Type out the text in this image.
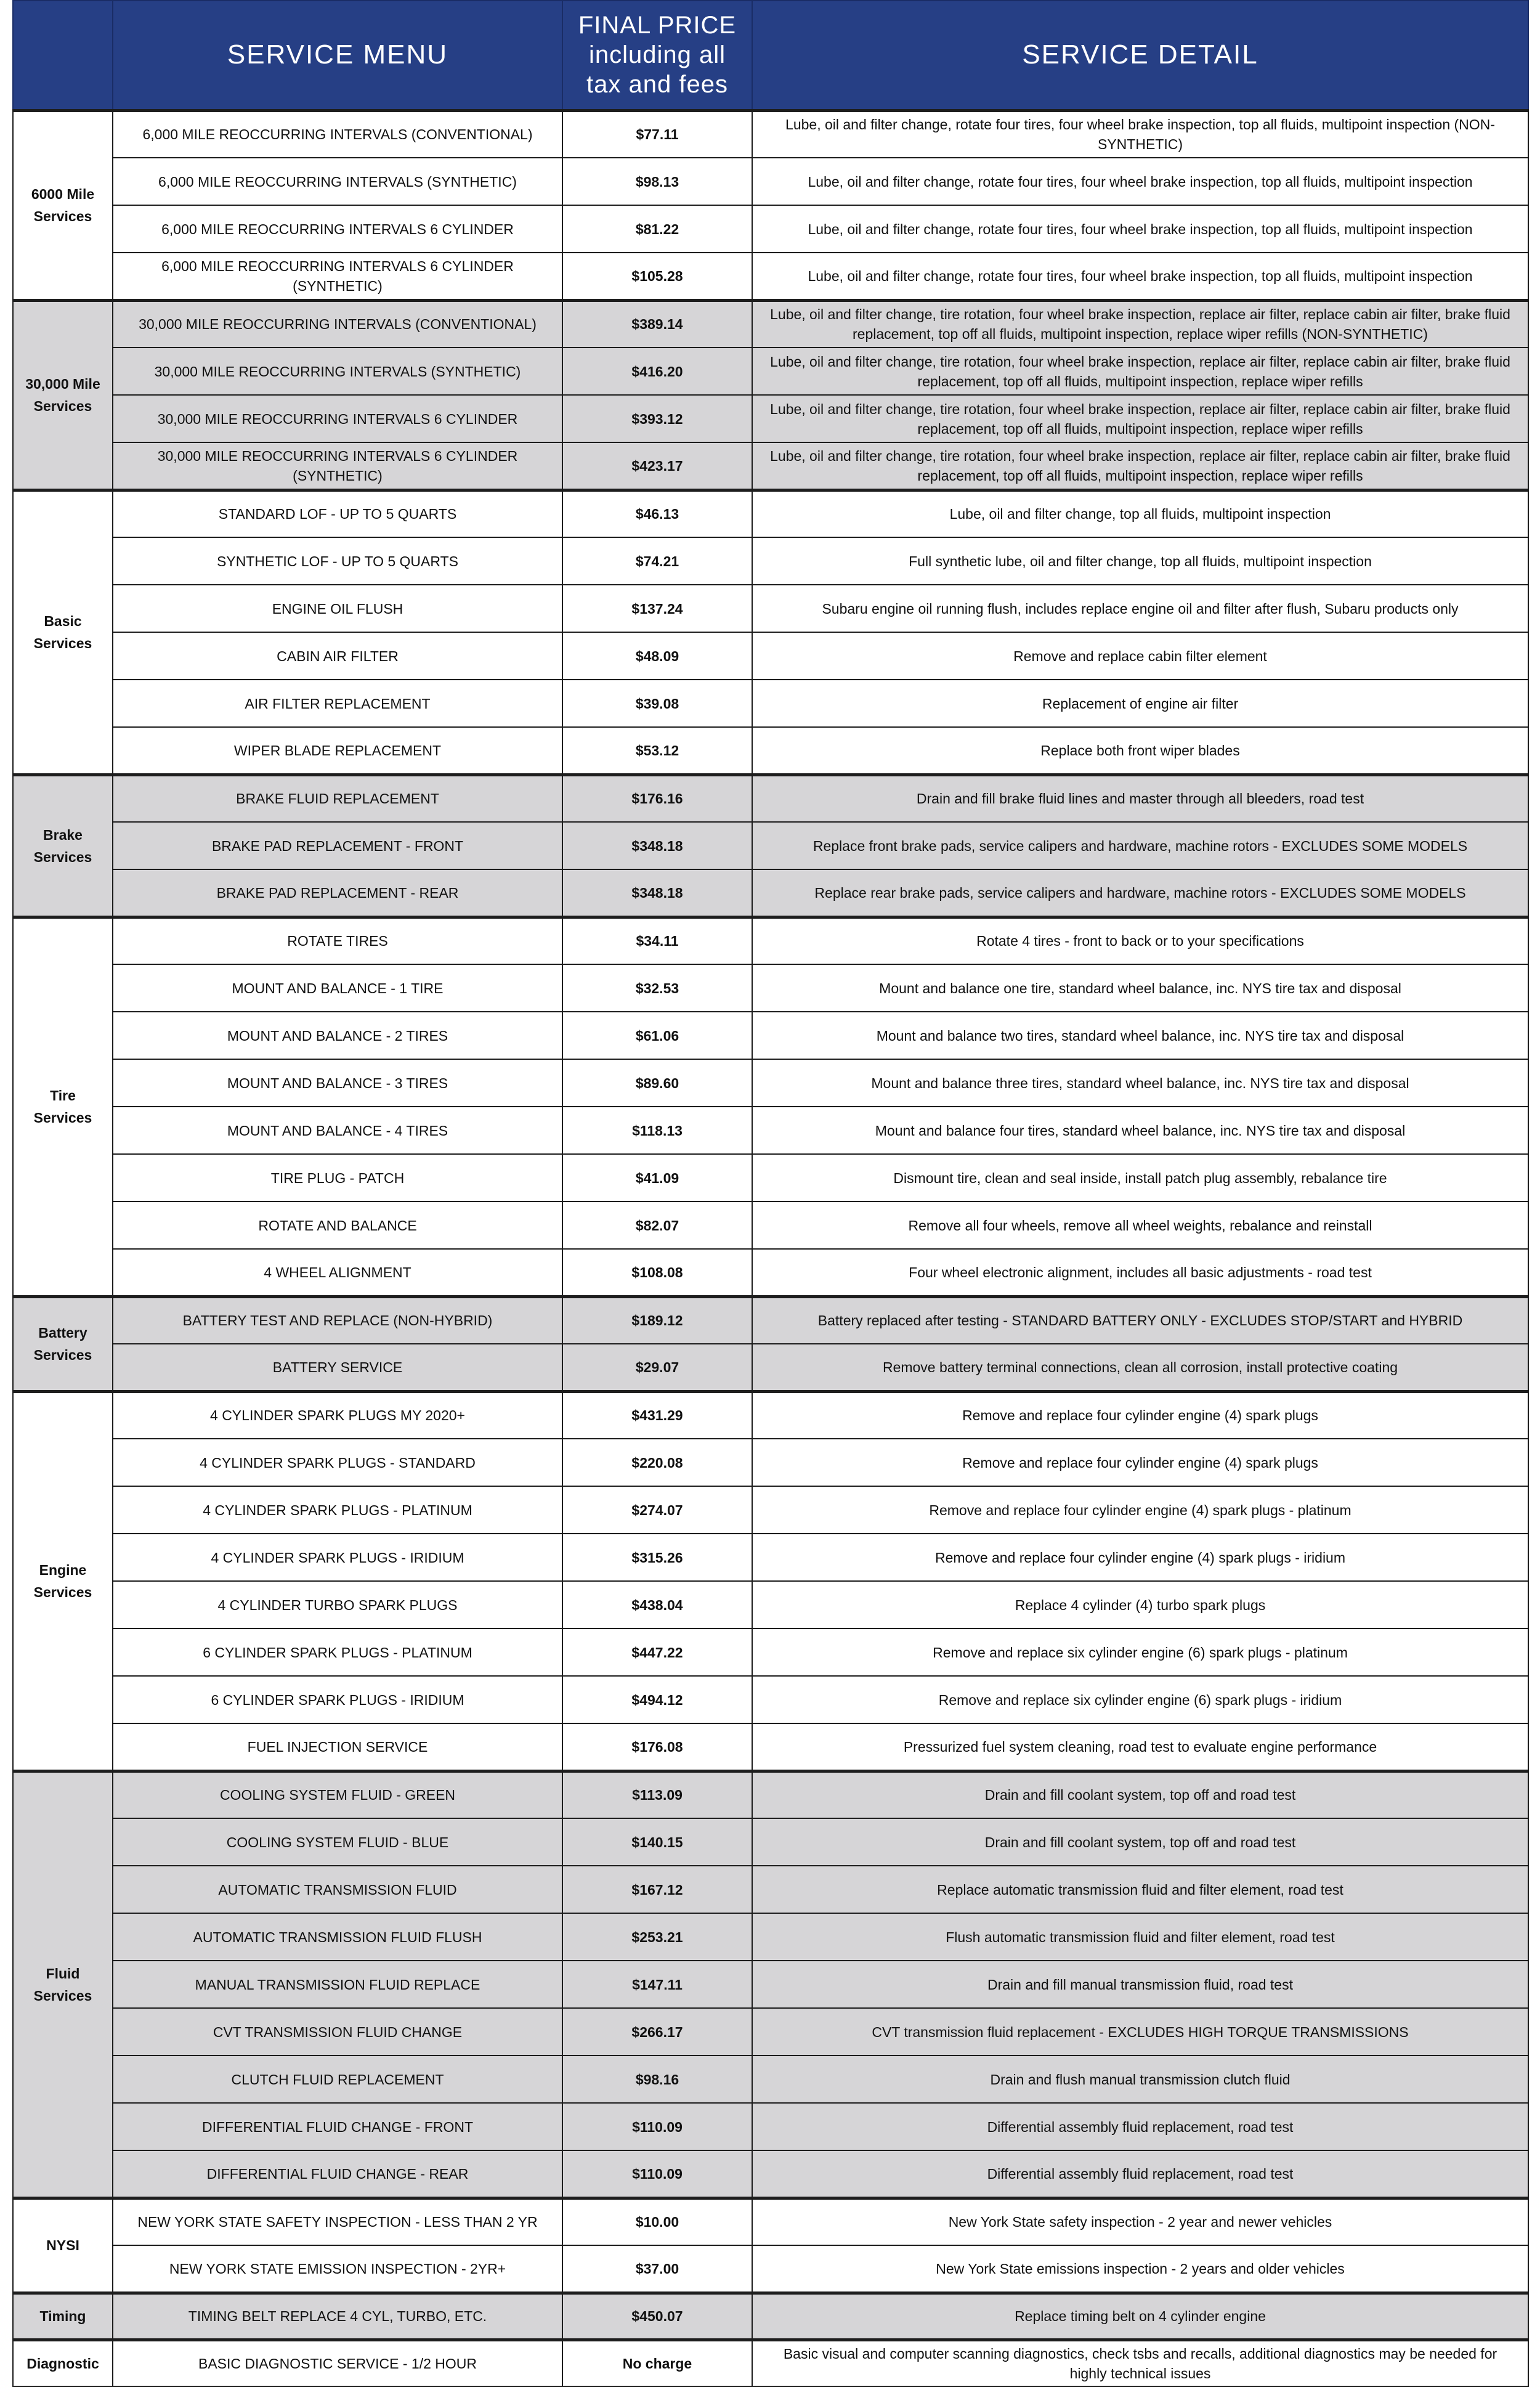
	SERVICE MENU	FINAL PRICE
including all
tax and fees	SERVICE DETAIL
6000 Mile Services	6,000 MILE REOCCURRING INTERVALS (CONVENTIONAL)	$77.11	Lube, oil and filter change, rotate four tires, four wheel brake inspection, top all fluids, multipoint inspection (NON-SYNTHETIC)
	6,000 MILE REOCCURRING INTERVALS (SYNTHETIC)	$98.13	Lube, oil and filter change, rotate four tires, four wheel brake inspection, top all fluids, multipoint inspection
	6,000 MILE REOCCURRING INTERVALS 6 CYLINDER	$81.22	Lube, oil and filter change, rotate four tires, four wheel brake inspection, top all fluids, multipoint inspection
	6,000 MILE REOCCURRING INTERVALS 6 CYLINDER (SYNTHETIC)	$105.28	Lube, oil and filter change, rotate four tires, four wheel brake inspection, top all fluids, multipoint inspection
30,000 Mile Services	30,000 MILE REOCCURRING INTERVALS (CONVENTIONAL)	$389.14	Lube, oil and filter change, tire rotation, four wheel brake inspection, replace air filter, replace cabin air filter, brake fluid replacement, top off all fluids, multipoint inspection, replace wiper refills (NON-SYNTHETIC)
	30,000 MILE REOCCURRING INTERVALS (SYNTHETIC)	$416.20	Lube, oil and filter change, tire rotation, four wheel brake inspection, replace air filter, replace cabin air filter, brake fluid replacement, top off all fluids, multipoint inspection, replace wiper refills
	30,000 MILE REOCCURRING INTERVALS 6 CYLINDER	$393.12	Lube, oil and filter change, tire rotation, four wheel brake inspection, replace air filter, replace cabin air filter, brake fluid replacement, top off all fluids, multipoint inspection, replace wiper refills
	30,000 MILE REOCCURRING INTERVALS 6 CYLINDER (SYNTHETIC)	$423.17	Lube, oil and filter change, tire rotation, four wheel brake inspection, replace air filter, replace cabin air filter, brake fluid replacement, top off all fluids, multipoint inspection, replace wiper refills
Basic Services	STANDARD LOF - UP TO 5 QUARTS	$46.13	Lube, oil and filter change, top all fluids, multipoint inspection
	SYNTHETIC LOF - UP TO 5 QUARTS	$74.21	Full synthetic lube, oil and filter change, top all fluids, multipoint inspection
	ENGINE OIL FLUSH	$137.24	Subaru engine oil running flush, includes replace engine oil and filter after flush, Subaru products only
	CABIN AIR FILTER	$48.09	Remove and replace cabin filter element
	AIR FILTER REPLACEMENT	$39.08	Replacement of engine air filter
	WIPER BLADE REPLACEMENT	$53.12	Replace both front wiper blades
Brake Services	BRAKE FLUID REPLACEMENT	$176.16	Drain and fill brake fluid lines and master through all bleeders, road test
	BRAKE PAD REPLACEMENT - FRONT	$348.18	Replace front brake pads, service calipers and hardware, machine rotors - EXCLUDES SOME MODELS
	BRAKE PAD REPLACEMENT - REAR	$348.18	Replace rear brake pads, service calipers and hardware, machine rotors - EXCLUDES SOME MODELS
Tire Services	ROTATE TIRES	$34.11	Rotate 4 tires - front to back or to your specifications
	MOUNT AND BALANCE - 1 TIRE	$32.53	Mount and balance one tire, standard wheel balance, inc. NYS tire tax and disposal
	MOUNT AND BALANCE - 2 TIRES	$61.06	Mount and balance two tires, standard wheel balance, inc. NYS tire tax and disposal
	MOUNT AND BALANCE - 3 TIRES	$89.60	Mount and balance three tires, standard wheel balance, inc. NYS tire tax and disposal
	MOUNT AND BALANCE - 4 TIRES	$118.13	Mount and balance four tires, standard wheel balance, inc. NYS tire tax and disposal
	TIRE PLUG - PATCH	$41.09	Dismount tire, clean and seal inside, install patch plug assembly, rebalance tire
	ROTATE AND BALANCE	$82.07	Remove all four wheels, remove all wheel weights, rebalance and reinstall
	4 WHEEL ALIGNMENT	$108.08	Four wheel electronic alignment, includes all basic adjustments - road test
Battery Services	BATTERY TEST AND REPLACE (NON-HYBRID)	$189.12	Battery replaced after testing - STANDARD BATTERY ONLY - EXCLUDES STOP/START and HYBRID
	BATTERY SERVICE	$29.07	Remove battery terminal connections, clean all corrosion, install protective coating
Engine Services	4 CYLINDER SPARK PLUGS MY 2020+	$431.29	Remove and replace four cylinder engine (4) spark plugs
	4 CYLINDER SPARK PLUGS - STANDARD	$220.08	Remove and replace four cylinder engine (4) spark plugs
	4 CYLINDER SPARK PLUGS - PLATINUM	$274.07	Remove and replace four cylinder engine (4) spark plugs - platinum
	4 CYLINDER SPARK PLUGS - IRIDIUM	$315.26	Remove and replace four cylinder engine (4) spark plugs - iridium
	4 CYLINDER TURBO SPARK PLUGS	$438.04	Replace 4 cylinder (4) turbo spark plugs
	6 CYLINDER SPARK PLUGS - PLATINUM	$447.22	Remove and replace six cylinder engine (6) spark plugs - platinum
	6 CYLINDER SPARK PLUGS - IRIDIUM	$494.12	Remove and replace six cylinder engine (6) spark plugs - iridium
	FUEL INJECTION SERVICE	$176.08	Pressurized fuel system cleaning, road test to evaluate engine performance
Fluid Services	COOLING SYSTEM FLUID - GREEN	$113.09	Drain and fill coolant system, top off and road test
	COOLING SYSTEM FLUID - BLUE	$140.15	Drain and fill coolant system, top off and road test
	AUTOMATIC TRANSMISSION FLUID	$167.12	Replace automatic transmission fluid and filter element, road test
	AUTOMATIC TRANSMISSION FLUID FLUSH	$253.21	Flush automatic transmission fluid and filter element, road test
	MANUAL TRANSMISSION FLUID REPLACE	$147.11	Drain and fill manual transmission fluid, road test
	CVT TRANSMISSION FLUID CHANGE	$266.17	CVT transmission fluid replacement - EXCLUDES HIGH TORQUE TRANSMISSIONS
	CLUTCH FLUID REPLACEMENT	$98.16	Drain and flush manual transmission clutch fluid
	DIFFERENTIAL FLUID CHANGE - FRONT	$110.09	Differential assembly fluid replacement, road test
	DIFFERENTIAL FLUID CHANGE - REAR	$110.09	Differential assembly fluid replacement, road test
NYSI	NEW YORK STATE SAFETY INSPECTION - LESS THAN 2 YR	$10.00	New York State safety inspection - 2 year and newer vehicles
	NEW YORK STATE EMISSION INSPECTION - 2YR+	$37.00	New York State emissions inspection - 2 years and older vehicles
Timing	TIMING BELT REPLACE 4 CYL, TURBO, ETC.	$450.07	Replace timing belt on 4 cylinder engine
Diagnostic	BASIC DIAGNOSTIC SERVICE - 1/2 HOUR	No charge	Basic visual and computer scanning diagnostics, check tsbs and recalls, additional diagnostics may be needed for highly technical issues
